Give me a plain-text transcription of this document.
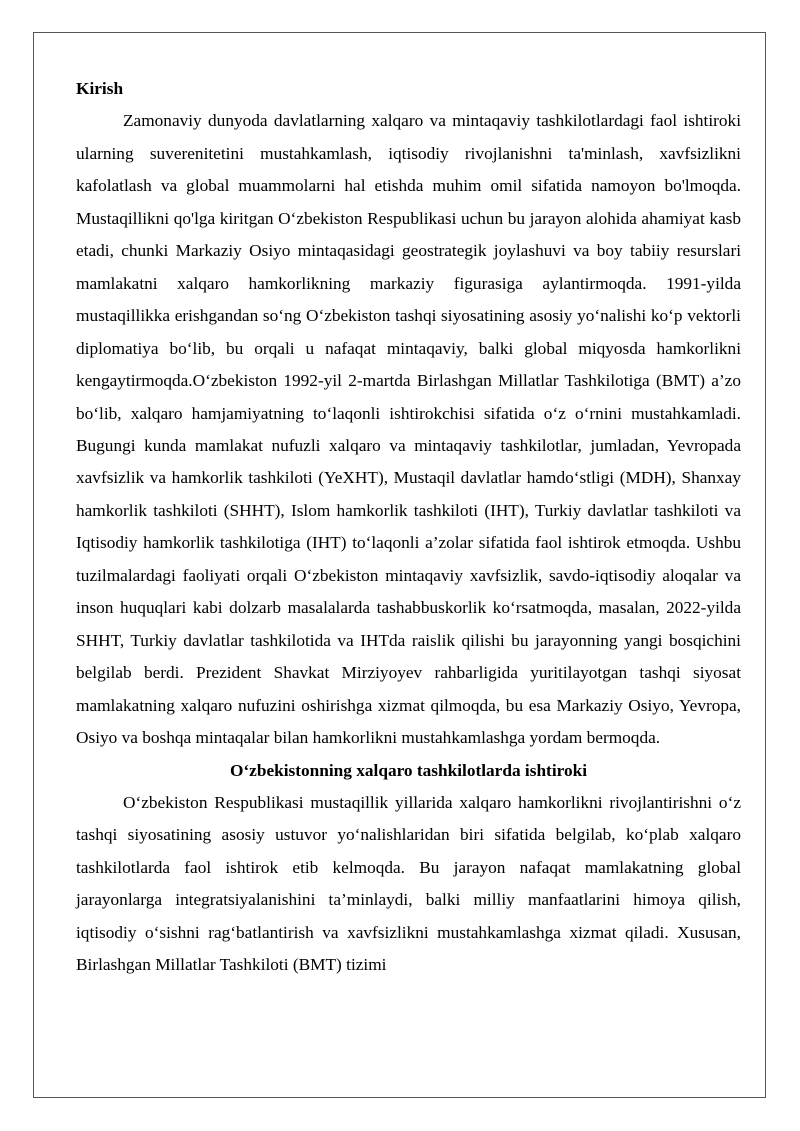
Kirish

Zamonaviy dunyoda davlatlarning xalqaro va mintaqaviy tashkilotlardagi faol ishtiroki ularning suverenitetini mustahkamlash, iqtisodiy rivojlanishni ta'minlash, xavfsizlikni kafolatlash va global muammolarni hal etishda muhim omil sifatida namoyon bo'lmoqda. Mustaqillikni qo'lga kiritgan O‘zbekiston Respublikasi uchun bu jarayon alohida ahamiyat kasb etadi, chunki Markaziy Osiyo mintaqasidagi geostrategik joylashuvi va boy tabiiy resurslari mamlakatni xalqaro hamkorlikning markaziy figurasiga aylantirmoqda. 1991-yilda mustaqillikka erishgandan so‘ng O‘zbekiston tashqi siyosatining asosiy yo‘nalishi ko‘p vektorli diplomatiya bo‘lib, bu orqali u nafaqat mintaqaviy, balki global miqyosda hamkorlikni kengaytirmoqda.O‘zbekiston 1992-yil 2-martda Birlashgan Millatlar Tashkilotiga (BMT) a’zo bo‘lib, xalqaro hamjamiyatning to‘laqonli ishtirokchisi sifatida o‘z o‘rnini mustahkamladi. Bugungi kunda mamlakat nufuzli xalqaro va mintaqaviy tashkilotlar, jumladan, Yevropada xavfsizlik va hamkorlik tashkiloti (YeXHT), Mustaqil davlatlar hamdo‘stligi (MDH), Shanxay hamkorlik tashkiloti (SHHT), Islom hamkorlik tashkiloti (IHT), Turkiy davlatlar tashkiloti va Iqtisodiy hamkorlik tashkilotiga (IHT) to‘laqonli a’zolar sifatida faol ishtirok etmoqda. Ushbu tuzilmalardagi faoliyati orqali O‘zbekiston mintaqaviy xavfsizlik, savdo-iqtisodiy aloqalar va inson huquqlari kabi dolzarb masalalarda tashabbuskorlik ko‘rsatmoqda, masalan, 2022-yilda SHHT, Turkiy davlatlar tashkilotida va IHTda raislik qilishi bu jarayonning yangi bosqichini belgilab berdi. Prezident Shavkat Mirziyoyev rahbarligida yuritilayotgan tashqi siyosat mamlakatning xalqaro nufuzini oshirishga xizmat qilmoqda, bu esa Markaziy Osiyo, Yevropa, Osiyo va boshqa mintaqalar bilan hamkorlikni mustahkamlashga yordam bermoqda.

O‘zbekistonning xalqaro tashkilotlarda ishtiroki

O‘zbekiston Respublikasi mustaqillik yillarida xalqaro hamkorlikni rivojlantirishni o‘z tashqi siyosatining asosiy ustuvor yo‘nalishlaridan biri sifatida belgilab, ko‘plab xalqaro tashkilotlarda faol ishtirok etib kelmoqda. Bu jarayon nafaqat mamlakatning global jarayonlarga integratsiyalanishini ta’minlaydi, balki milliy manfaatlarini himoya qilish, iqtisodiy o‘sishni rag‘batlantirish va xavfsizlikni mustahkamlashga xizmat qiladi. Xususan, Birlashgan Millatlar Tashkiloti (BMT) tizimi
